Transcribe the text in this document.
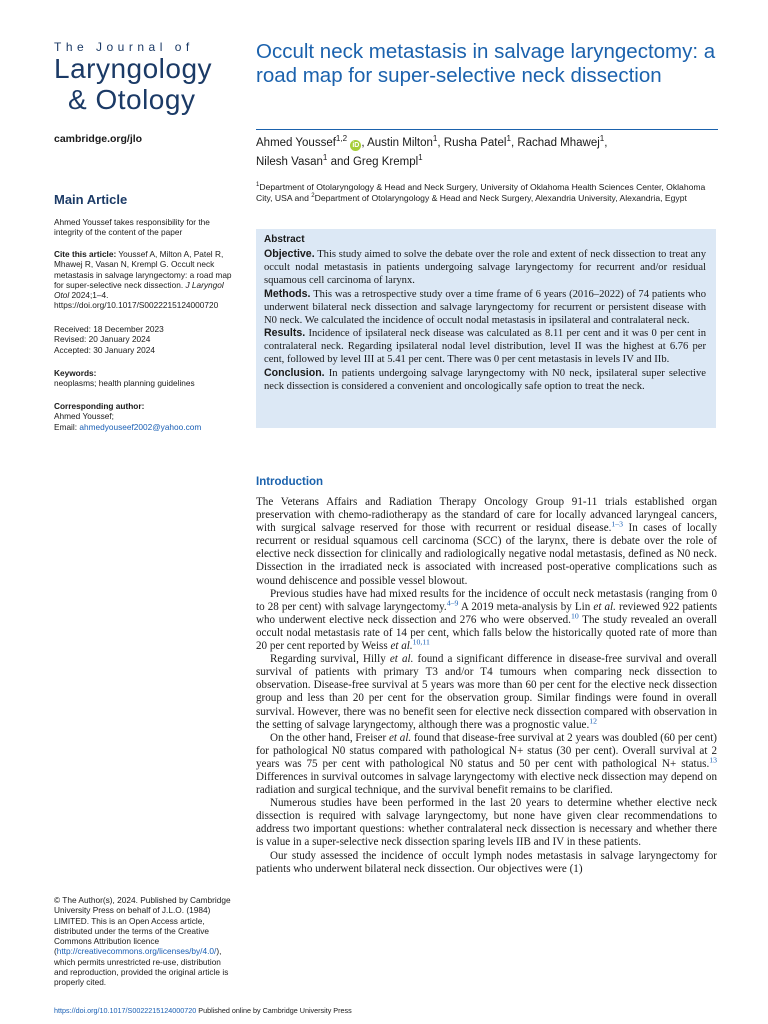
The Journal of
Laryngology
& Otology
cambridge.org/jlo
Main Article

Ahmed Youssef takes responsibility for the integrity of the content of the paper

Cite this article: Youssef A, Milton A, Patel R, Mhawej R, Vasan N, Krempl G. Occult neck metastasis in salvage laryngectomy: a road map for super-selective neck dissection. J Laryngol Otol 2024;1–4. https://doi.org/10.1017/S0022215124000720

Received: 18 December 2023

Revised: 20 January 2024

Accepted: 30 January 2024

Keywords:

neoplasms; health planning guidelines

Corresponding author:

Ahmed Youssef;

Email: ahmedyouseef2002@yahoo.com

© The Author(s), 2024. Published by Cambridge University Press on behalf of J.L.O. (1984) LIMITED. This is an Open Access article, distributed under the terms of the Creative Commons Attribution licence (http://creativecommons.org/licenses/by/4.0/), which permits unrestricted re-use, distribution and reproduction, provided the original article is properly cited.

Occult neck metastasis in salvage laryngectomy: a road map for super-selective neck dissection
Ahmed Youssef$^{1,2}$ iD , Austin Milton$^1$, Rusha Patel$^1$, Rachad Mhawej$^1$,
Nilesh Vasan$^1$ and Greg Krempl$^1$
$^1$Department of Otolaryngology & Head and Neck Surgery, University of Oklahoma Health Sciences Center, Oklahoma City, USA and $^2$Department of Otolaryngology & Head and Neck Surgery, Alexandria University, Alexandria, Egypt
Abstract

Objective. This study aimed to solve the debate over the role and extent of neck dissection to treat any occult nodal metastasis in patients undergoing salvage laryngectomy for recurrent and/or residual squamous cell carcinoma of larynx.

Methods. This was a retrospective study over a time frame of 6 years (2016–2022) of 74 patients who underwent bilateral neck dissection and salvage laryngectomy for recurrent or persistent disease with N0 neck. We calculated the incidence of occult nodal metastasis in ipsilateral and contralateral neck.

Results. Incidence of ipsilateral neck disease was calculated as 8.11 per cent and it was 0 per cent in contralateral neck. Regarding ipsilateral nodal level distribution, level II was the highest at 6.76 per cent, followed by level III at 5.41 per cent. There was 0 per cent metastasis in levels IV and IIb.

Conclusion. In patients undergoing salvage laryngectomy with N0 neck, ipsilateral super selective neck dissection is considered a convenient and oncologically safe option to treat the neck.

Introduction

The Veterans Affairs and Radiation Therapy Oncology Group 91-11 trials established organ preservation with chemo-radiotherapy as the standard of care for locally advanced laryngeal cancers, with surgical salvage reserved for those with recurrent or residual disease.$^{1-3}$ In cases of locally recurrent or residual squamous cell carcinoma (SCC) of the larynx, there is debate over the role of elective neck dissection for clinically and radiologically negative nodal metastasis, defined as N0 neck. Dissection in the irradiated neck is associated with increased post-operative complications such as wound dehiscence and possible vessel blowout.

Previous studies have had mixed results for the incidence of occult neck metastasis (ranging from 0 to 28 per cent) with salvage laryngectomy.$^{4-9}$ A 2019 meta-analysis by Lin et al. reviewed 922 patients who underwent elective neck dissection and 276 who were observed.$^{10}$ The study revealed an overall occult nodal metastasis rate of 14 per cent, which falls below the historically quoted rate of more than 20 per cent reported by Weiss et al.$^{10,11}$

Regarding survival, Hilly et al. found a significant difference in disease-free survival and overall survival of patients with primary T3 and/or T4 tumours when comparing neck dissection to observation. Disease-free survival at 5 years was more than 60 per cent for the elective neck dissection group and less than 20 per cent for the observation group. Similar findings were found in overall survival. However, there was no benefit seen for elective neck dissection compared with observation in the setting of salvage laryngectomy, although there was a prognostic value.$^{12}$

On the other hand, Freiser et al. found that disease-free survival at 2 years was doubled (60 per cent) for pathological N0 status compared with pathological N+ status (30 per cent). Overall survival at 2 years was 75 per cent with pathological N0 status and 50 per cent with pathological N+ status.$^{13}$ Differences in survival outcomes in salvage laryngectomy with elective neck dissection may depend on radiation and surgical technique, and the survival benefit remains to be clarified.

Numerous studies have been performed in the last 20 years to determine whether elective neck dissection is required with salvage laryngectomy, but none have given clear recommendations to address two important questions: whether contralateral neck dissection is necessary and whether there is value in a super-selective neck dissection sparing levels IIB and IV in these patients.

Our study assessed the incidence of occult lymph nodes metastasis in salvage laryngectomy for patients who underwent bilateral neck dissection. Our objectives were (1)

https://doi.org/10.1017/S0022215124000720 Published online by Cambridge University Press
